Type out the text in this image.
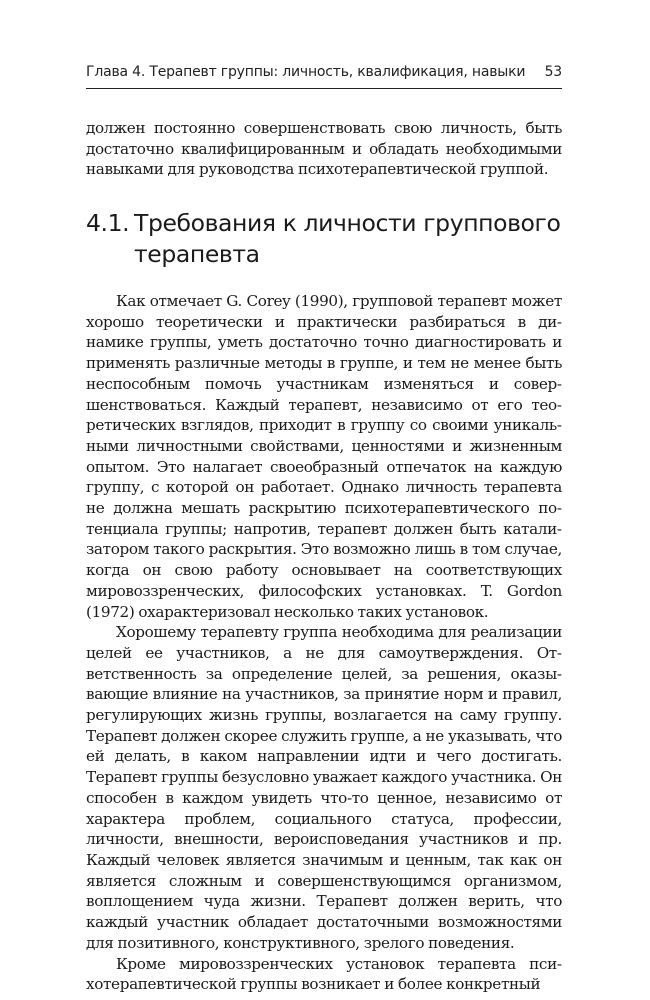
Глава 4. Терапевт группы: личность, квалификация, навыки 53

должен постоянно совершенствовать свою личность, быть достаточно квалифицированным и обладать необходимыми навыками для руководства психотерапевтической группой.

4.1. Требования к личности группового терапевта

Как отмечает G. Corey (1990), групповой терапевт может хорошо теоретически и практически разбираться в динамике группы, уметь достаточно точно диагностировать и применять различные методы в группе, и тем не менее быть неспособным помочь участникам изменяться и совершенствоваться. Каждый терапевт, независимо от его теоретических взглядов, приходит в группу со своими уникальными личностными свойствами, ценностями и жизненным опытом. Это налагает своеобразный отпечаток на каждую группу, с которой он работает. Однако личность терапевта не должна мешать раскрытию психотерапевтического потенциала группы; напротив, терапевт должен быть катализатором такого раскрытия. Это возможно лишь в том случае, когда он свою работу основывает на соответствующих мировоззренческих, философских установках. T. Gordon (1972) охарактеризовал несколько таких установок.

Хорошему терапевту группа необходима для реализации целей ее участников, а не для самоутверждения. Ответственность за определение целей, за решения, оказывающие влияние на участников, за принятие норм и правил, регулирующих жизнь группы, возлагается на саму группу. Терапевт должен скорее служить группе, а не указывать, что ей делать, в каком направлении идти и чего достигать. Терапевт группы безусловно уважает каждого участника. Он способен в каждом увидеть что-то ценное, независимо от характера проблем, социального статуса, профессии, личности, внешности, вероисповедания участников и пр. Каждый человек является значимым и ценным, так как он является сложным и совершенствующимся организмом, воплощением чуда жизни. Терапевт должен верить, что каждый участник обладает достаточными возможностями для позитивного, конструктивного, зрелого поведения.

Кроме мировоззренческих установок терапевта психотерапевтической группы возникает и более конкретный
